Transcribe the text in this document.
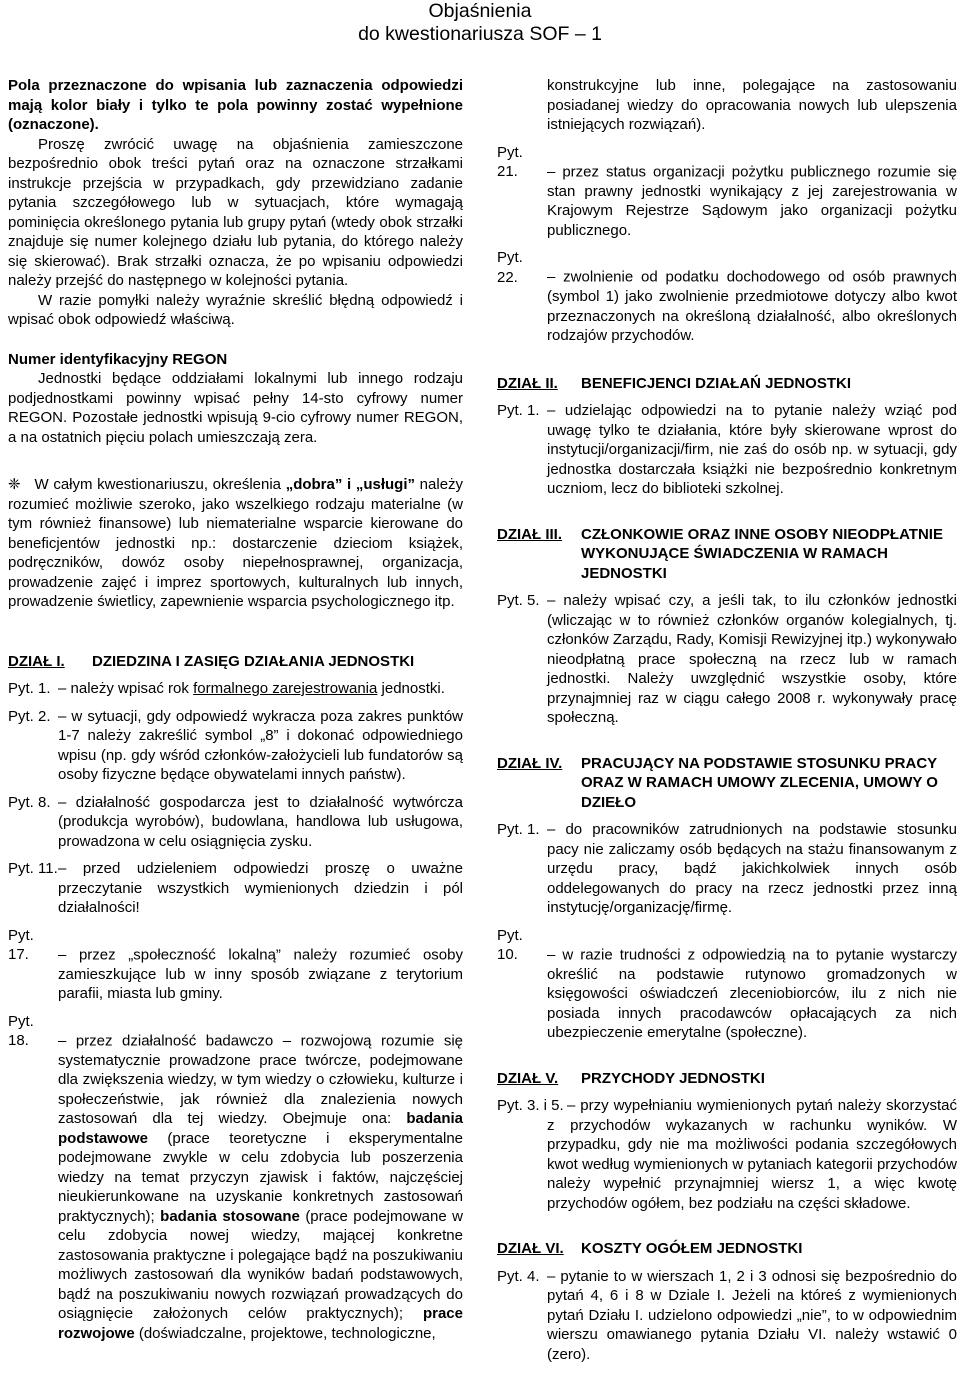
Objaśnienia
do kwestionariusza SOF – 1

Pola przeznaczone do wpisania lub zaznaczenia odpowiedzi mają kolor biały i tylko te pola powinny zostać wypełnione (oznaczone).

Proszę zwrócić uwagę na objaśnienia zamieszczone bezpośrednio obok treści pytań oraz na oznaczone strzałkami instrukcje przejścia w przypadkach, gdy przewidziano zadanie pytania szczegółowego lub w sytuacjach, które wymagają pominięcia określonego pytania lub grupy pytań (wtedy obok strzałki znajduje się numer kolejnego działu lub pytania, do którego należy się skierować). Brak strzałki oznacza, że po wpisaniu odpowiedzi należy przejść do następnego w kolejności pytania.

W razie pomyłki należy wyraźnie skreślić błędną odpowiedź i wpisać obok odpowiedź właściwą.

Numer identyfikacyjny REGON

Jednostki będące oddziałami lokalnymi lub innego rodzaju podjednostkami powinny wpisać pełny 14-sto cyfrowy numer REGON. Pozostałe jednostki wpisują 9-cio cyfrowy numer REGON, a na ostatnich pięciu polach umieszczają zera.

❈ W całym kwestionariuszu, określenia „dobra” i „usługi” należy rozumieć możliwie szeroko, jako wszelkiego rodzaju materialne (w tym również finansowe) lub niematerialne wsparcie kierowane do beneficjentów jednostki np.: dostarczenie dzieciom książek, podręczników, dowóz osoby niepełnosprawnej, organizacja, prowadzenie zajęć i imprez sportowych, kulturalnych lub innych, prowadzenie świetlicy, zapewnienie wsparcia psychologicznego itp.

DZIAŁ I.	DZIEDZINA I ZASIĘG DZIAŁANIA JEDNOSTKI

Pyt. 1. – należy wpisać rok formalnego zarejestrowania jednostki.

Pyt. 2. – w sytuacji, gdy odpowiedź wykracza poza zakres punktów 1-7 należy zakreślić symbol „8” i dokonać odpowiedniego wpisu (np. gdy wśród członków-założycieli lub fundatorów są osoby fizyczne będące obywatelami innych państw).

Pyt. 8. – działalność gospodarcza jest to działalność wytwórcza (produkcja wyrobów), budowlana, handlowa lub usługowa, prowadzona w celu osiągnięcia zysku.

Pyt. 11.– przed udzieleniem odpowiedzi proszę o uważne przeczytanie wszystkich wymienionych dziedzin i pól działalności!

Pyt. 17. – przez „społeczność lokalną” należy rozumieć osoby zamieszkujące lub w inny sposób związane z terytorium parafii, miasta lub gminy.

Pyt. 18. – przez działalność badawczo – rozwojową rozumie się systematycznie prowadzone prace twórcze, podejmowane dla zwiększenia wiedzy, w tym wiedzy o człowieku, kulturze i społeczeństwie, jak również dla znalezienia nowych zastosowań dla tej wiedzy. Obejmuje ona: badania podstawowe (prace teoretyczne i eksperymentalne podejmowane zwykle w celu zdobycia lub poszerzenia wiedzy na temat przyczyn zjawisk i faktów, najczęściej nieukierunkowane na uzyskanie konkretnych zastosowań praktycznych); badania stosowane (prace podejmowane w celu zdobycia nowej wiedzy, mającej konkretne zastosowania praktyczne i polegające bądź na poszukiwaniu możliwych zastosowań dla wyników badań podstawowych, bądź na poszukiwaniu nowych rozwiązań prowadzących do osiągnięcie założonych celów praktycznych); prace rozwojowe (doświadczalne, projektowe, technologiczne,

konstrukcyjne lub inne, polegające na zastosowaniu posiadanej wiedzy do opracowania nowych lub ulepszenia istniejących rozwiązań).

Pyt. 21. – przez status organizacji pożytku publicznego rozumie się stan prawny jednostki wynikający z jej zarejestrowania w Krajowym Rejestrze Sądowym jako organizacji pożytku publicznego.

Pyt. 22. – zwolnienie od podatku dochodowego od osób prawnych (symbol 1) jako zwolnienie przedmiotowe dotyczy albo kwot przeznaczonych na określoną działalność, albo określonych rodzajów przychodów.

DZIAŁ II.	BENEFICJENCI DZIAŁAŃ JEDNOSTKI

Pyt. 1. – udzielając odpowiedzi na to pytanie należy wziąć pod uwagę tylko te działania, które były skierowane wprost do instytucji/organizacji/firm, nie zaś do osób np. w sytuacji, gdy jednostka dostarczała książki nie bezpośrednio konkretnym uczniom, lecz do biblioteki szkolnej.

DZIAŁ III.	CZŁONKOWIE ORAZ INNE OSOBY NIEODPŁATNIE WYKONUJĄCE ŚWIADCZENIA W RAMACH JEDNOSTKI

Pyt. 5. – należy wpisać czy, a jeśli tak, to ilu członków jednostki (wliczając w to również członków organów kolegialnych, tj. członków Zarządu, Rady, Komisji Rewizyjnej itp.) wykonywało nieodpłatną prace społeczną na rzecz lub w ramach jednostki. Należy uwzględnić wszystkie osoby, które przynajmniej raz w ciągu całego 2008 r. wykonywały pracę społeczną.

DZIAŁ IV.	PRACUJĄCY NA PODSTAWIE STOSUNKU PRACY ORAZ W RAMACH UMOWY ZLECENIA, UMOWY O DZIEŁO

Pyt. 1. – do pracowników zatrudnionych na podstawie stosunku pacy nie zaliczamy osób będących na stażu finansowanym z urzędu pracy, bądź jakichkolwiek innych osób oddelegowanych do pracy na rzecz jednostki przez inną instytucję/organizację/firmę.

Pyt. 10. – w razie trudności z odpowiedzią na to pytanie wystarczy określić na podstawie rutynowo gromadzonych w księgowości oświadczeń zleceniobiorców, ilu z nich nie posiada innych pracodawców opłacających za nich ubezpieczenie emerytalne (społeczne).

DZIAŁ V.	PRZYCHODY JEDNOSTKI

Pyt. 3. i 5. – przy wypełnianiu wymienionych pytań należy skorzystać z przychodów wykazanych w rachunku wyników. W przypadku, gdy nie ma możliwości podania szczegółowych kwot według wymienionych w pytaniach kategorii przychodów należy wypełnić przynajmniej wiersz 1, a więc kwotę przychodów ogółem, bez podziału na części składowe.

DZIAŁ VI.	KOSZTY OGÓŁEM JEDNOSTKI

Pyt. 4. – pytanie to w wierszach 1, 2 i 3 odnosi się bezpośrednio do pytań 4, 6 i 8 w Dziale I. Jeżeli na któreś z wymienionych pytań Działu I. udzielono odpowiedzi „nie”, to w odpowiednim wierszu omawianego pytania Działu VI. należy wstawić 0 (zero).
